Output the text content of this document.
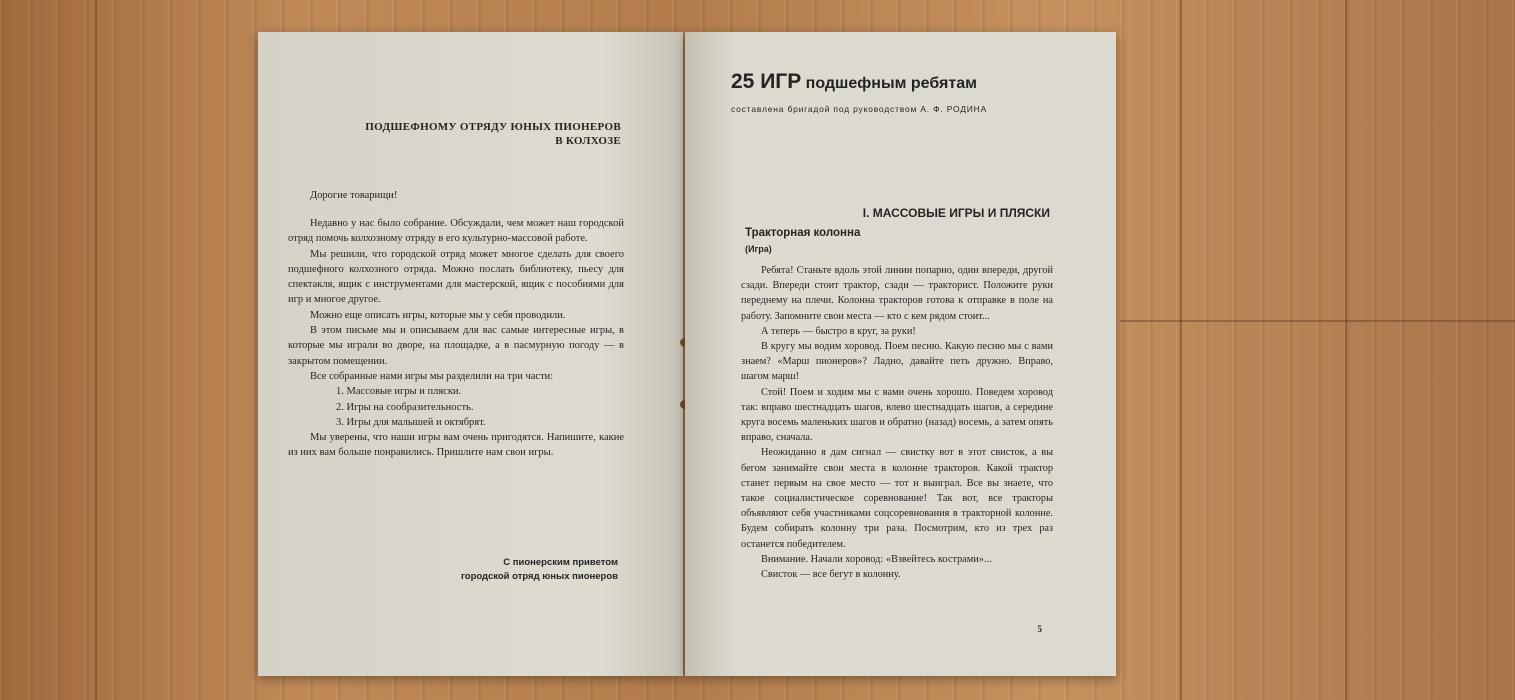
ПОДШЕФНОМУ ОТРЯДУ ЮНЫХ ПИОНЕРОВ
В КОЛХОЗЕ
Дорогие товарищи!

Недавно у нас было собрание. Обсуждали, чем может наш городской отряд помочь колхозному отряду в его культурно-массовой работе.

Мы решили, что городской отряд может многое сделать для своего подшефного колхозного отряда. Можно послать библиотеку, пьесу для спектакля, ящик с инструментами для мастерской, ящик с пособиями для игр и многое другое.

Можно еще описать игры, которые мы у себя проводили.

В этом письме мы и описываем для вас самые интересные игры, в которые мы играли во дворе, на площадке, а в пасмурную погоду — в закрытом помещении.

Все собранные нами игры мы разделили на три части:

1. Массовые игры и пляски.
2. Игры на сообразительность.
3. Игры для малышей и октябрят.

Мы уверены, что наши игры вам очень пригодятся. Напишите, какие из них вам больше понравились. Пришлите нам свои игры.

С пионерским приветом
городской отряд юных пионеров
25 ИГР подшефным ребятам
составлена бригадой под руководством А. Ф. РОДИНА
I. МАССОВЫЕ ИГРЫ И ПЛЯСКИ
Тракторная колонна
(Игра)

Ребята! Станьте вдоль этой линии попарно, один впереди, другой сзади. Впереди стоит трактор, сзади — тракторист. Положите руки переднему на плечи. Колонна тракторов готова к отправке в поле на работу. Запомните свои места — кто с кем рядом стоит...

А теперь — быстро в круг, за руки!

В кругу мы водим хоровод. Поем песню. Какую песню мы с вами знаем? «Марш пионеров»? Ладно, давайте петь дружно. Вправо, шагом марш!

Стой! Поем и ходим мы с вами очень хорошо. Поведем хоровод так: вправо шестнадцать шагов, влево шестнадцать шагов, а середине круга восемь маленьких шагов и обратно (назад) восемь, а затем опять вправо, сначала.

Неожиданно я дам сигнал — свистку вот в этот свисток, а вы бегом занимайте свои места в колонне тракторов. Какой трактор станет первым на свое место — тот и выиграл. Все вы знаете, что такое социалистическое соревнование! Так вот, все тракторы объявляют себя участниками соцсоревнования в тракторной колонне. Будем собирать колонну три раза. Посмотрим, кто из трех раз останется победителем.

Внимание. Начали хоровод: «Взвейтесь кострами»...

Свисток — все бегут в колонну.

5
